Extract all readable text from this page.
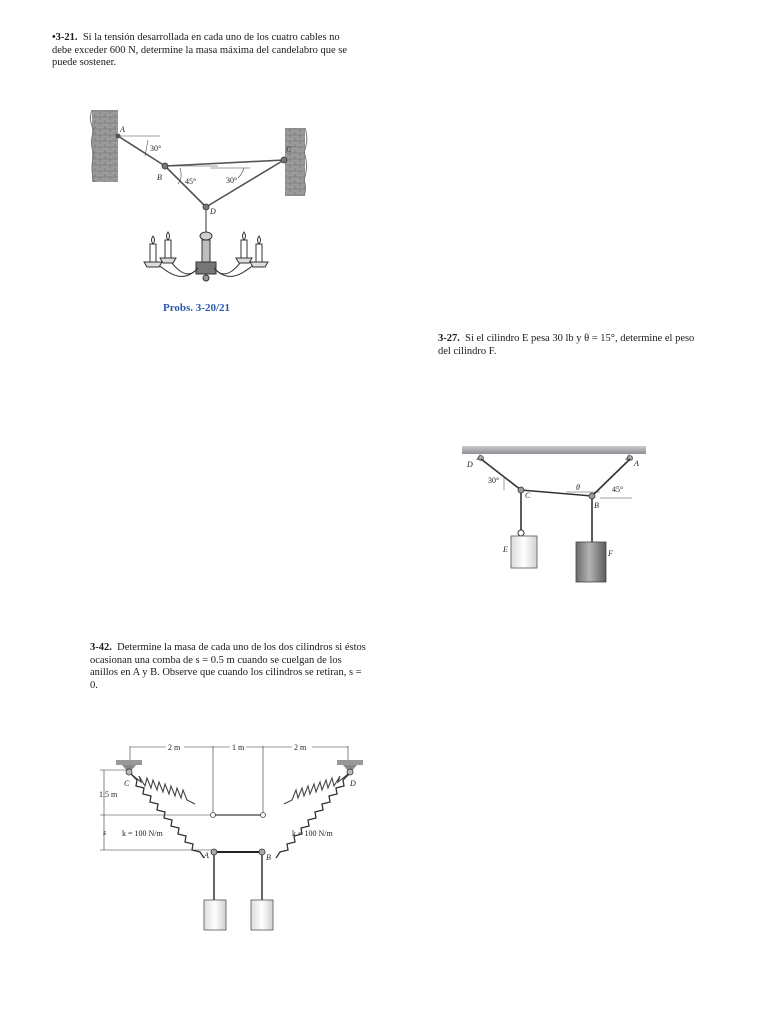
•3-21. Si la tensión desarrollada en cada uno de los cuatro cables no debe exceder 600 N, determine la masa máxima del candelabro que se puede sostener.
3-27. Si el cilindro E pesa 30 lb y θ = 15°, determine el peso del cilindro F.
3-42. Determine la masa de cada uno de los dos cilindros si éstos ocasionan una comba de s = 0.5 m cuando se cuelgan de los anillos en A y B. Observe que cuando los cilindros se retiran, s = 0.
Probs. 3-20/21
A
B
C
D
30°
45°	30°
D	A
C
B
E	F
30°
θ	45°
2 m	1 m	2 m
1.5 m
s
C	D
A	B
k = 100 N/m	k = 100 N/m
